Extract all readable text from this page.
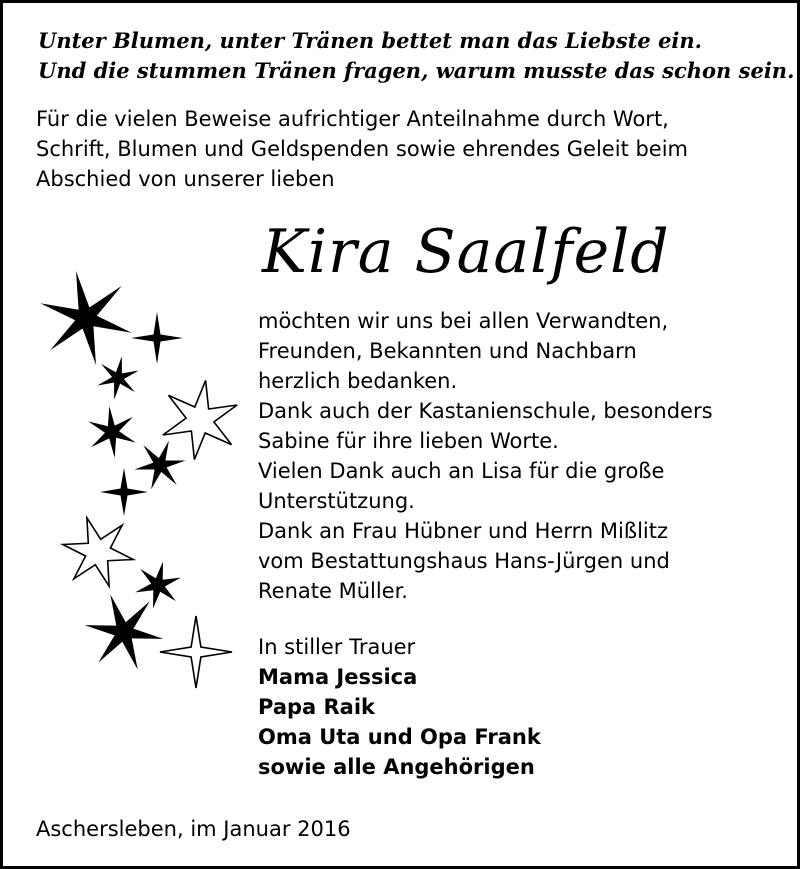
Unter Blumen, unter Tränen bettet man das Liebste ein.
Und die stummen Tränen fragen, warum musste das schon sein.
Für die vielen Beweise aufrichtiger Anteilnahme durch Wort,
Schrift, Blumen und Geldspenden sowie ehrendes Geleit beim
Abschied von unserer lieben
Kira Saalfeld
möchten wir uns bei allen Verwandten,
Freunden, Bekannten und Nachbarn
herzlich bedanken.
Dank auch der Kastanienschule, besonders
Sabine für ihre lieben Worte.
Vielen Dank auch an Lisa für die große
Unterstützung.
Dank an Frau Hübner und Herrn Mißlitz
vom Bestattungshaus Hans-Jürgen und
Renate Müller.
In stiller Trauer
Mama Jessica
Papa Raik
Oma Uta und Opa Frank
sowie alle Angehörigen
Aschersleben, im Januar 2016
